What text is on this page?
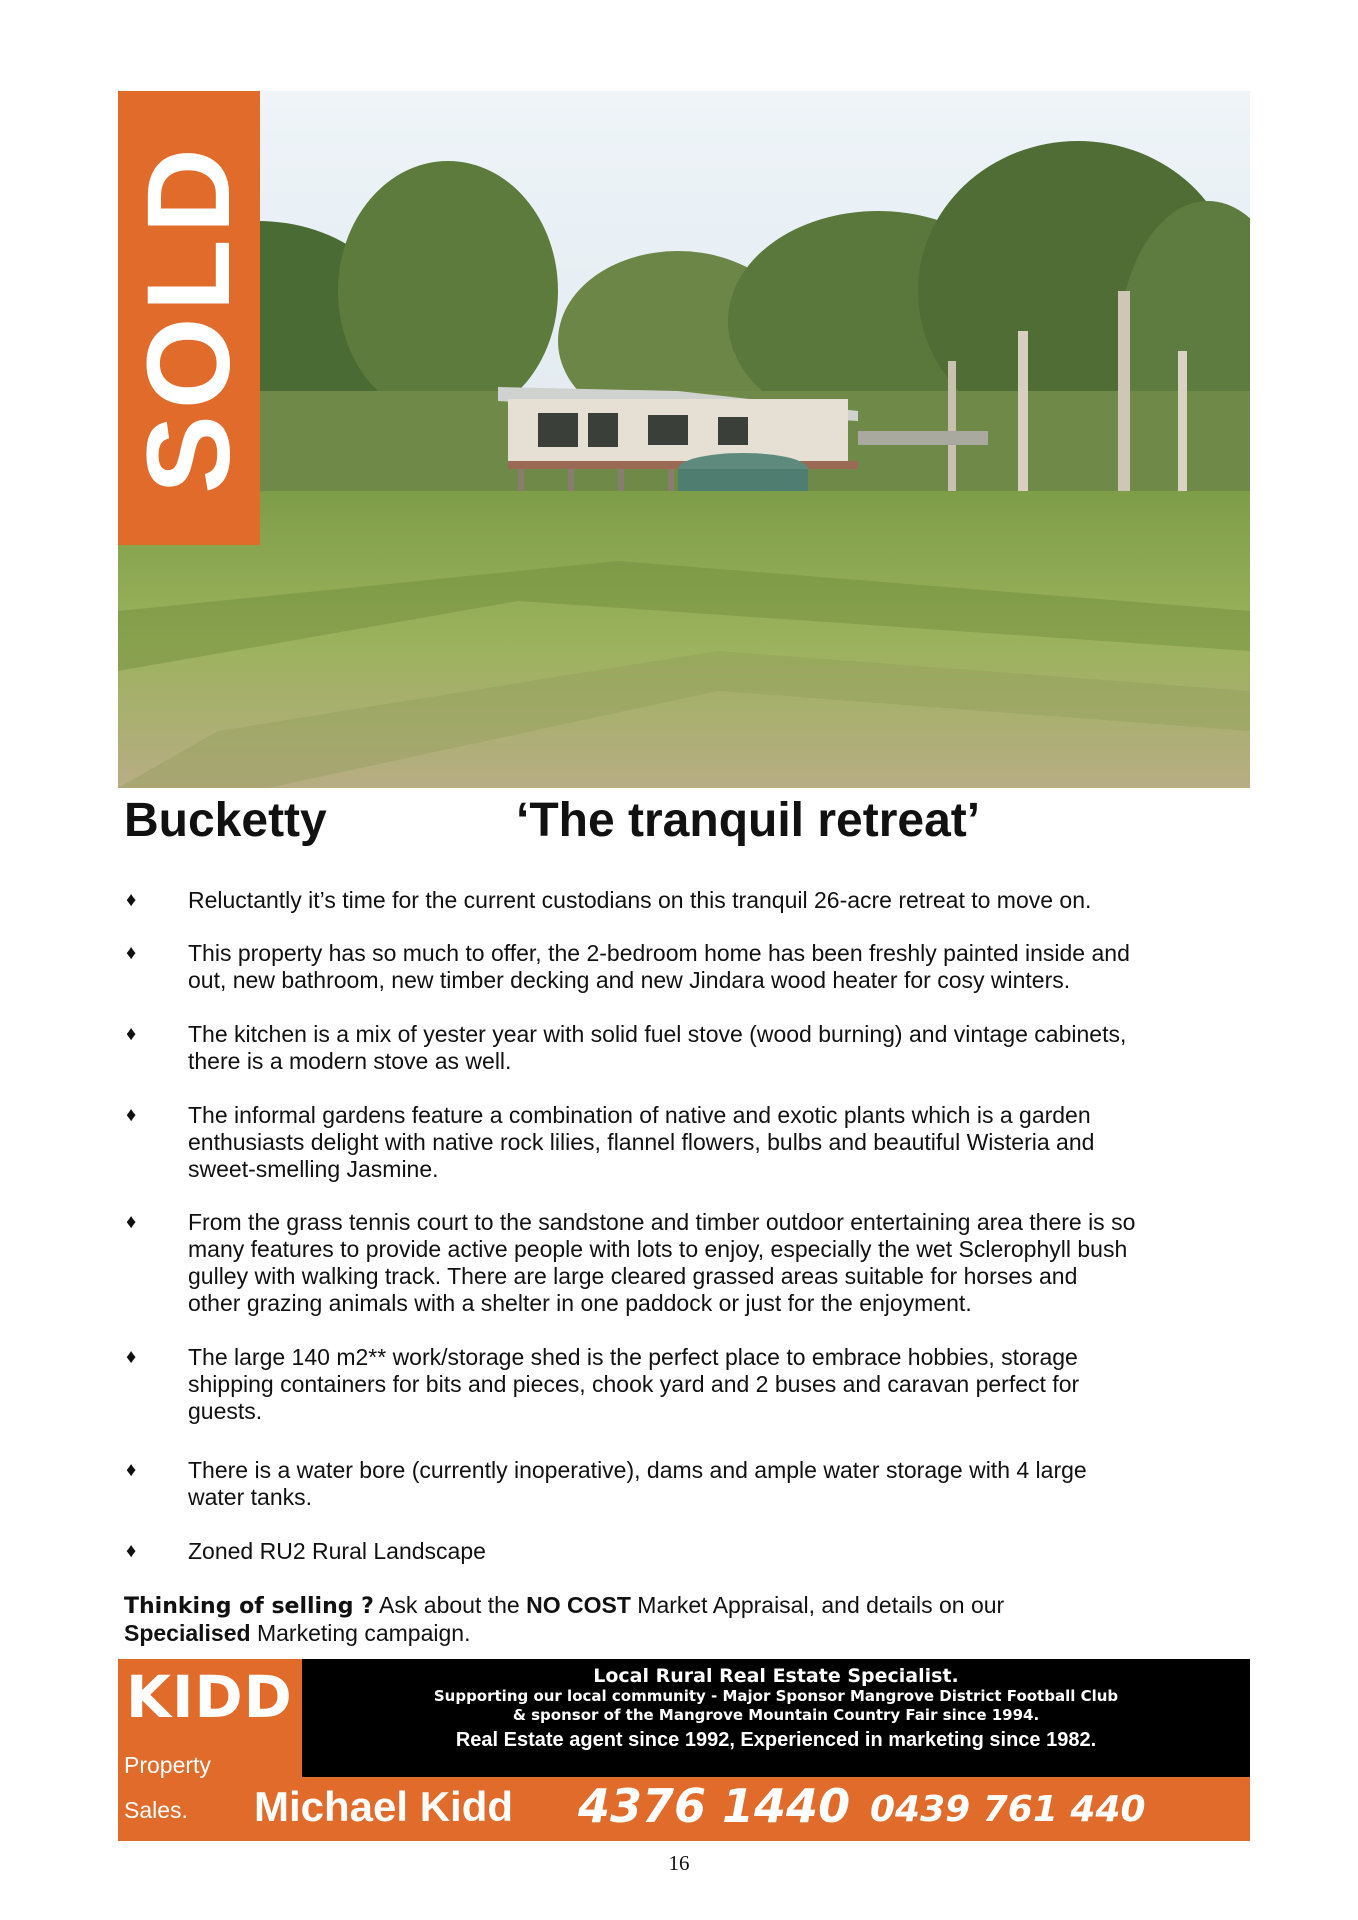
SOLD
Bucketty	‘The tranquil retreat’
♦ Reluctantly it’s time for the current custodians on this tranquil 26-acre retreat to move on.
♦ This property has so much to offer, the 2-bedroom home has been freshly painted inside and
out, new bathroom, new timber decking and new Jindara wood heater for cosy winters.
♦ The kitchen is a mix of yester year with solid fuel stove (wood burning) and vintage cabinets,
there is a modern stove as well.
♦ The informal gardens feature a combination of native and exotic plants which is a garden
enthusiasts delight with native rock lilies, flannel flowers, bulbs and beautiful Wisteria and
sweet-smelling Jasmine.
♦ From the grass tennis court to the sandstone and timber outdoor entertaining area there is so
many features to provide active people with lots to enjoy, especially the wet Sclerophyll bush
gulley with walking track. There are large cleared grassed areas suitable for horses and
other grazing animals with a shelter in one paddock or just for the enjoyment.
♦ The large 140 m2** work/storage shed is the perfect place to embrace hobbies, storage
shipping containers for bits and pieces, chook yard and 2 buses and caravan perfect for
guests.
♦ There is a water bore (currently inoperative), dams and ample water storage with 4 large
water tanks.
♦ Zoned RU2 Rural Landscape
Thinking of selling ? Ask about the NO COST Market Appraisal, and details on our
Specialised Marketing campaign.
KIDD
Property
Sales.
Local Rural Real Estate Specialist.
Supporting our local community - Major Sponsor Mangrove District Football Club
& sponsor of the Mangrove Mountain Country Fair since 1994.
Real Estate agent since 1992, Experienced in marketing since 1982.
Michael Kidd 4376 1440 0439 761 440
16
